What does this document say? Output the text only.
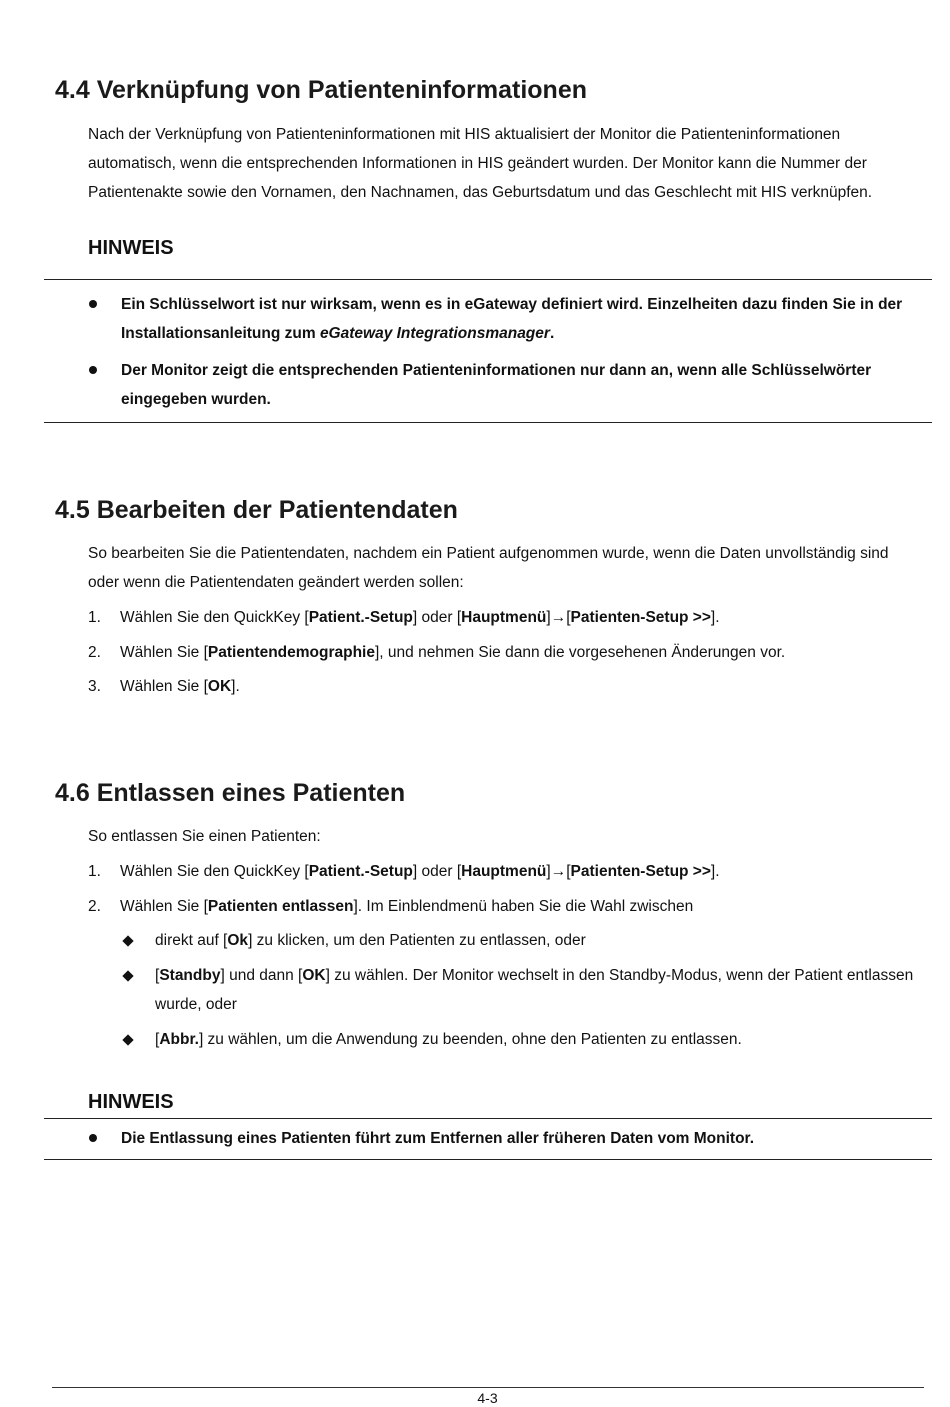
4.4 Verknüpfung von Patienteninformationen
Nach der Verknüpfung von Patienteninformationen mit HIS aktualisiert der Monitor die Patienteninformationen
automatisch, wenn die entsprechenden Informationen in HIS geändert wurden. Der Monitor kann die Nummer der
Patientenakte sowie den Vornamen, den Nachnamen, das Geburtsdatum und das Geschlecht mit HIS verknüpfen.
HINWEIS
Ein Schlüsselwort ist nur wirksam, wenn es in eGateway definiert wird. Einzelheiten dazu finden Sie in der
Installationsanleitung zum eGateway Integrationsmanager.
Der Monitor zeigt die entsprechenden Patienteninformationen nur dann an, wenn alle Schlüsselwörter
eingegeben wurden.
4.5 Bearbeiten der Patientendaten
So bearbeiten Sie die Patientendaten, nachdem ein Patient aufgenommen wurde, wenn die Daten unvollständig sind
oder wenn die Patientendaten geändert werden sollen:
1. Wählen Sie den QuickKey [Patient.-Setup] oder [Hauptmenü]→[Patienten-Setup >>].
2. Wählen Sie [Patientendemographie], und nehmen Sie dann die vorgesehenen Änderungen vor.
3. Wählen Sie [OK].
4.6 Entlassen eines Patienten
So entlassen Sie einen Patienten:
1. Wählen Sie den QuickKey [Patient.-Setup] oder [Hauptmenü]→[Patienten-Setup >>].
2. Wählen Sie [Patienten entlassen]. Im Einblendmenü haben Sie die Wahl zwischen
direkt auf [Ok] zu klicken, um den Patienten zu entlassen, oder
[Standby] und dann [OK] zu wählen. Der Monitor wechselt in den Standby-Modus, wenn der Patient entlassen
wurde, oder
[Abbr.] zu wählen, um die Anwendung zu beenden, ohne den Patienten zu entlassen.
HINWEIS
Die Entlassung eines Patienten führt zum Entfernen aller früheren Daten vom Monitor.
4-3
